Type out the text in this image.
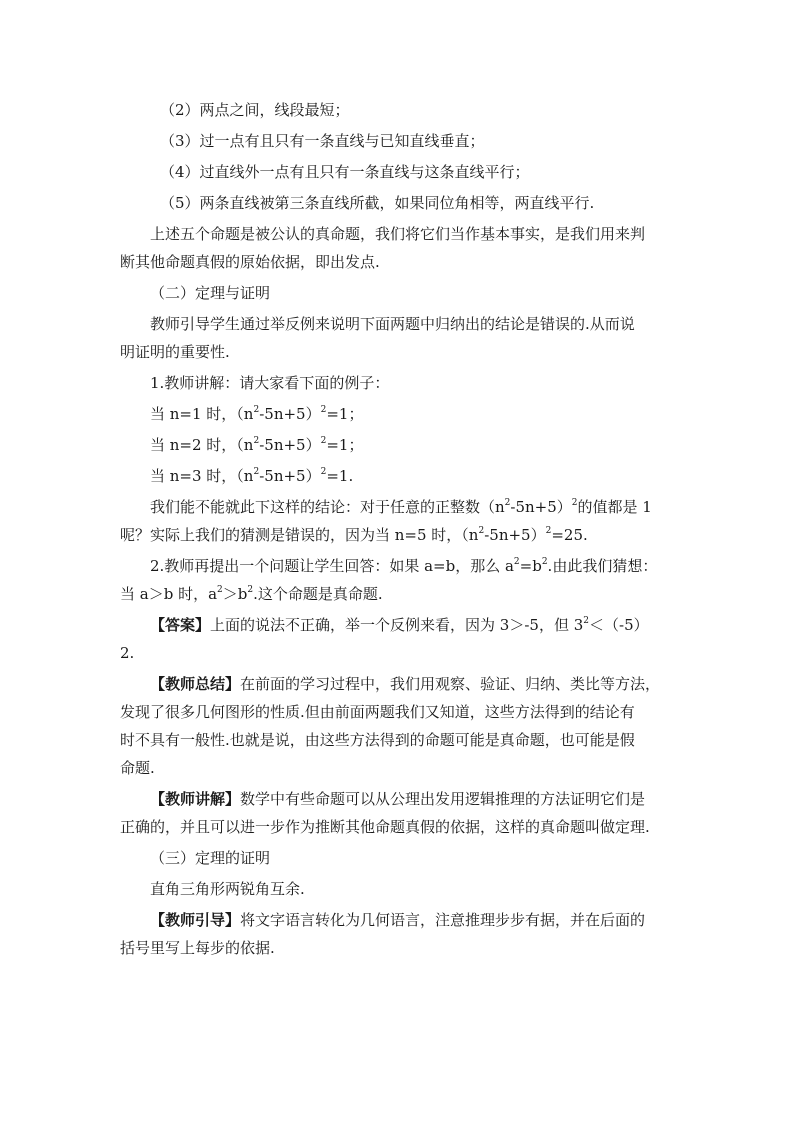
（2）两点之间，线段最短；

（3）过一点有且只有一条直线与已知直线垂直；

（4）过直线外一点有且只有一条直线与这条直线平行；

（5）两条直线被第三条直线所截，如果同位角相等，两直线平行.

上述五个命题是被公认的真命题，我们将它们当作基本事实，是我们用来判

断其他命题真假的原始依据，即出发点.

（二）定理与证明

教师引导学生通过举反例来说明下面两题中归纳出的结论是错误的.从而说

明证明的重要性.

1.教师讲解：请大家看下面的例子：

当 n=1 时，$(n^2-5n+5)^2=1$；

当 n=2 时，$(n^2-5n+5)^2=1$；

当 n=3 时，$(n^2-5n+5)^2=1$.

我们能不能就此下这样的结论：对于任意的正整数$(n^2-5n+5)^2$的值都是 1

呢？实际上我们的猜测是错误的，因为当 n=5 时，$(n^2-5n+5)^2=25$.

2.教师再提出一个问题让学生回答：如果 a=b，那么 $a^2=b^2$.由此我们猜想：

当 a＞b 时，$a^2>b^2$.这个命题是真命题.

【答案】上面的说法不正确，举一个反例来看，因为 3＞-5，但 $3^2<(-5)$

2.

【教师总结】在前面的学习过程中，我们用观察、验证、归纳、类比等方法，

发现了很多几何图形的性质.但由前面两题我们又知道，这些方法得到的结论有

时不具有一般性.也就是说，由这些方法得到的命题可能是真命题，也可能是假

命题.

【教师讲解】数学中有些命题可以从公理出发用逻辑推理的方法证明它们是

正确的，并且可以进一步作为推断其他命题真假的依据，这样的真命题叫做定理.

（三）定理的证明

直角三角形两锐角互余.

【教师引导】将文字语言转化为几何语言，注意推理步步有据，并在后面的

括号里写上每步的依据.
